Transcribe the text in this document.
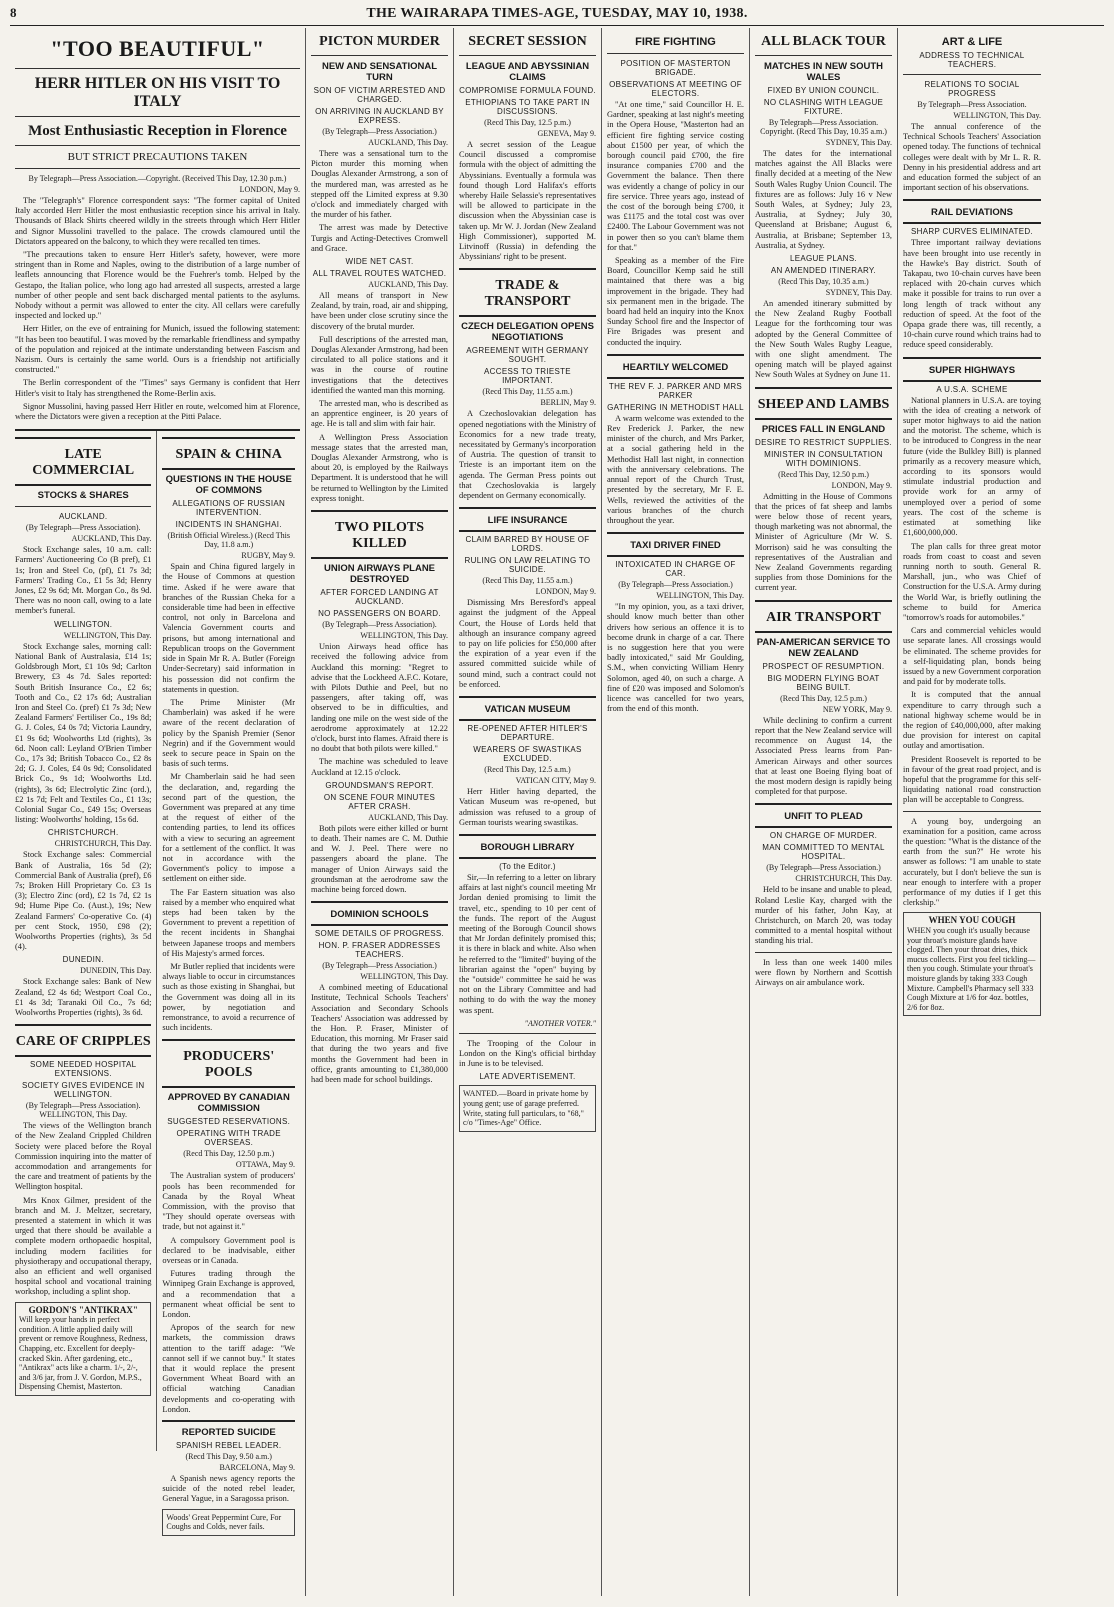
8	THE WAIRARAPA TIMES-AGE, TUESDAY, MAY 10, 1938.
"TOO BEAUTIFUL"
HERR HITLER ON HIS VISIT TO ITALY
Most Enthusiastic Reception in Florence
BUT STRICT PRECAUTIONS TAKEN
By Telegraph—Press Association.—Copyright. (Received This Day, 12.30 p.m.)
LONDON, May 9.

The "Telegraph's" Florence correspondent says: "The former capital of United Italy accorded Herr Hitler the most enthusiastic reception since his arrival in Italy. Thousands of Black Shirts cheered wildly in the streets through which Herr Hitler and Signor Mussolini travelled to the palace. The crowds clamoured until the Dictators appeared on the balcony, to which they were recalled ten times.

"The precautions taken to ensure Herr Hitler's safety, however, were more stringent than in Rome and Naples, owing to the distribution of a large number of leaflets announcing that Florence would be the Fuehrer's tomb. Helped by the Gestapo, the Italian police, who long ago had arrested all suspects, arrested a large number of other people and sent back discharged mental patients to the asylums. Nobody without a permit was allowed to enter the city. All cellars were carefully inspected and locked up."

Herr Hitler, on the eve of entraining for Munich, issued the following statement: "It has been too beautiful. I was moved by the remarkable friendliness and sympathy of the population and rejoiced at the intimate understanding between Fascism and Nazism. Ours is certainly the same world. Ours is a friendship not artificially constructed."

The Berlin correspondent of the "Times" says Germany is confident that Herr Hitler's visit to Italy has strengthened the Rome-Berlin axis.

Signor Mussolini, having passed Herr Hitler en route, welcomed him at Florence, where the Dictators were given a reception at the Pitti Palace.

LATE COMMERCIAL
STOCKS & SHARES
AUCKLAND.
(By Telegraph—Press Association).
AUCKLAND, This Day.

Stock Exchange sales, 10 a.m. call: Farmers' Auctioneering Co (B pref), £1 1s; Iron and Steel Co, (pf), £1 7s 3d; Farmers' Trading Co., £1 5s 3d; Henry Jones, £2 9s 6d; Mt. Morgan Co., 8s 9d. There was no noon call, owing to a late member's funeral.

WELLINGTON.
WELLINGTON, This Day.

Stock Exchange sales, morning call: National Bank of Australasia, £14 1s; Goldsbrough Mort, £1 10s 9d; Carlton Brewery, £3 4s 7d. Sales reported: South British Insurance Co., £2 6s; Tooth and Co., £2 17s 6d; Australian Iron and Steel Co. (pref) £1 7s 3d; New Zealand Farmers' Fertiliser Co., 19s 8d; G. J. Coles, £4 0s 7d; Victoria Laundry, £1 9s 6d; Woolworths Ltd (rights), 3s 6d. Noon call: Leyland O'Brien Timber Co., 17s 3d; British Tobacco Co., £2 8s 2d; G. J. Coles, £4 0s 9d; Consolidated Brick Co., 9s 1d; Woolworths Ltd. (rights), 3s 6d; Electrolytic Zinc (ord.), £2 1s 7d; Felt and Textiles Co., £1 13s; Colonial Sugar Co., £49 15s; Overseas listing: Woolworths' holding, 15s 6d.

CHRISTCHURCH.
CHRISTCHURCH, This Day.

Stock Exchange sales: Commercial Bank of Australia, 16s 5d (2); Commercial Bank of Australia (pref), £6 7s; Broken Hill Proprietary Co. £3 1s (3); Electro Zinc (ord), £2 1s 7d, £2 1s 9d; Hume Pipe Co. (Aust.), 19s; New Zealand Farmers' Co-operative Co. (4) per cent Stock, 1950, £98 (2); Woolworths Properties (rights), 3s 5d (4).

DUNEDIN.
DUNEDIN, This Day.

Stock Exchange sales: Bank of New Zealand, £2 4s 6d; Westport Coal Co., £1 4s 3d; Taranaki Oil Co., 7s 6d; Woolworths Properties (rights), 3s 6d.

CARE OF CRIPPLES
SOME NEEDED HOSPITAL EXTENSIONS.
SOCIETY GIVES EVIDENCE IN WELLINGTON.
(By Telegraph—Press Association). WELLINGTON, This Day.

The views of the Wellington branch of the New Zealand Crippled Children Society were placed before the Royal Commission inquiring into the matter of accommodation and arrangements for the care and treatment of patients by the Wellington hospital.

Mrs Knox Gilmer, president of the branch and M. J. Meltzer, secretary, presented a statement in which it was urged that there should be available a complete modern orthopaedic hospital, including modern facilities for physiotherapy and occupational therapy, also an efficient and well organised hospital school and vocational training workshop, including a splint shop.

GORDON'S "ANTIKRAX"
Will keep your hands in perfect condition. A little applied daily will prevent or remove Roughness, Redness, Chapping, etc. Excellent for deeply-cracked Skin. After gardening, etc., "Antikrax" acts like a charm. 1/-, 2/-, and 3/6 jar, from J. V. Gordon, M.P.S., Dispensing Chemist, Masterton.
SPAIN & CHINA
QUESTIONS IN THE HOUSE OF COMMONS
ALLEGATIONS OF RUSSIAN INTERVENTION.
INCIDENTS IN SHANGHAI.
(British Official Wireless.) (Recd This Day, 11.8 a.m.)
RUGBY, May 9.

Spain and China figured largely in the House of Commons at question time. Asked if he were aware that branches of the Russian Cheka for a considerable time had been in effective control, not only in Barcelona and Valencia Government courts and prisons, but among international and Republican troops on the Government side in Spain Mr R. A. Butler (Foreign Under-Secretary) said information in his possession did not confirm the statements in question.

The Prime Minister (Mr Chamberlain) was asked if he were aware of the recent declaration of policy by the Spanish Premier (Senor Negrin) and if the Government would seek to secure peace in Spain on the basis of such terms.

Mr Chamberlain said he had seen the declaration, and, regarding the second part of the question, the Government was prepared at any time at the request of either of the contending parties, to lend its offices with a view to securing an agreement for a settlement of the conflict. It was not in accordance with the Government's policy to impose a settlement on either side.

The Far Eastern situation was also raised by a member who enquired what steps had been taken by the Government to prevent a repetition of the recent incidents in Shanghai between Japanese troops and members of His Majesty's armed forces.

Mr Butler replied that incidents were always liable to occur in circumstances such as those existing in Shanghai, but the Government was doing all in its power, by negotiation and remonstrance, to avoid a recurrence of such incidents.

PRODUCERS' POOLS
APPROVED BY CANADIAN COMMISSION
SUGGESTED RESERVATIONS.
OPERATING WITH TRADE OVERSEAS.
(Recd This Day, 12.50 p.m.)
OTTAWA, May 9.

The Australian system of producers' pools has been recommended for Canada by the Royal Wheat Commission, with the proviso that "They should operate overseas with trade, but not against it."

A compulsory Government pool is declared to be inadvisable, either overseas or in Canada.

Futures trading through the Winnipeg Grain Exchange is approved, and a recommendation that a permanent wheat official be sent to London.

Apropos of the search for new markets, the commission draws attention to the tariff adage: "We cannot sell if we cannot buy." It states that it would replace the present Government Wheat Board with an official watching Canadian developments and co-operating with London.

REPORTED SUICIDE
SPANISH REBEL LEADER.
(Recd This Day, 9.50 a.m.)
BARCELONA, May 9.

A Spanish news agency reports the suicide of the noted rebel leader, General Yague, in a Saragossa prison.

Woods' Great Peppermint Cure, For Coughs and Colds, never fails.
PICTON MURDER
NEW AND SENSATIONAL TURN
SON OF VICTIM ARRESTED AND CHARGED.
ON ARRIVING IN AUCKLAND BY EXPRESS.
(By Telegraph—Press Association.)
AUCKLAND, This Day.

There was a sensational turn to the Picton murder this morning when Douglas Alexander Armstrong, a son of the murdered man, was arrested as he stepped off the Limited express at 9.30 o'clock and immediately charged with the murder of his father.

The arrest was made by Detective Turgis and Acting-Detectives Cromwell and Grace.

WIDE NET CAST.
ALL TRAVEL ROUTES WATCHED.
AUCKLAND, This Day.

All means of transport in New Zealand, by train, road, air and shipping, have been under close scrutiny since the discovery of the brutal murder.

Full descriptions of the arrested man, Douglas Alexander Armstrong, had been circulated to all police stations and it was in the course of routine investigations that the detectives identified the wanted man this morning.

The arrested man, who is described as an apprentice engineer, is 20 years of age. He is tall and slim with fair hair.

A Wellington Press Association message states that the arrested man, Douglas Alexander Armstrong, who is about 20, is employed by the Railways Department. It is understood that he will be returned to Wellington by the Limited express tonight.

TWO PILOTS KILLED
UNION AIRWAYS PLANE DESTROYED
AFTER FORCED LANDING AT AUCKLAND.
NO PASSENGERS ON BOARD.
(By Telegraph—Press Association).
WELLINGTON, This Day.

Union Airways head office has received the following advice from Auckland this morning: "Regret to advise that the Lockheed A.F.C. Kotare, with Pilots Duthie and Peel, but no passengers, after taking off, was observed to be in difficulties, and landing one mile on the west side of the aerodrome approximately at 12.22 o'clock, burst into flames. Afraid there is no doubt that both pilots were killed."

The machine was scheduled to leave Auckland at 12.15 o'clock.

GROUNDSMAN'S REPORT.
ON SCENE FOUR MINUTES AFTER CRASH.
AUCKLAND, This Day.

Both pilots were either killed or burnt to death. Their names are C. M. Duthie and W. J. Peel. There were no passengers aboard the plane. The manager of Union Airways said the groundsman at the aerodrome saw the machine being forced down.

DOMINION SCHOOLS
SOME DETAILS OF PROGRESS.
HON. P. FRASER ADDRESSES TEACHERS.
(By Telegraph—Press Association.)
WELLINGTON, This Day.

A combined meeting of Educational Institute, Technical Schools Teachers' Association and Secondary Schools Teachers' Association was addressed by the Hon. P. Fraser, Minister of Education, this morning. Mr Fraser said that during the two years and five months the Government had been in office, grants amounting to £1,380,000 had been made for school buildings.

SECRET SESSION
LEAGUE AND ABYSSINIAN CLAIMS
COMPROMISE FORMULA FOUND.
ETHIOPIANS TO TAKE PART IN DISCUSSIONS.
(Recd This Day, 12.5 p.m.)
GENEVA, May 9.

A secret session of the League Council discussed a compromise formula with the object of admitting the Abyssinians. Eventually a formula was found though Lord Halifax's efforts whereby Haile Selassie's representatives will be allowed to participate in the discussion when the Abyssinian case is taken up. Mr W. J. Jordan (New Zealand High Commissioner), supported M. Litvinoff (Russia) in defending the Abyssinians' right to be present.

TRADE & TRANSPORT
CZECH DELEGATION OPENS NEGOTIATIONS
AGREEMENT WITH GERMANY SOUGHT.
ACCESS TO TRIESTE IMPORTANT.
(Recd This Day, 11.55 a.m.)
BERLIN, May 9.

A Czechoslovakian delegation has opened negotiations with the Ministry of Economics for a new trade treaty, necessitated by Germany's incorporation of Austria. The question of transit to Trieste is an important item on the agenda. The German Press points out that Czechoslovakia is largely dependent on Germany economically.

LIFE INSURANCE
CLAIM BARRED BY HOUSE OF LORDS.
RULING ON LAW RELATING TO SUICIDE.
(Recd This Day, 11.55 a.m.)
LONDON, May 9.

Dismissing Mrs Beresford's appeal against the judgment of the Appeal Court, the House of Lords held that although an insurance company agreed to pay on life policies for £50,000 after the expiration of a year even if the assured committed suicide while of sound mind, such a contract could not be enforced.

VATICAN MUSEUM
RE-OPENED AFTER HITLER'S DEPARTURE.
WEARERS OF SWASTIKAS EXCLUDED.
(Recd This Day, 12.5 a.m.)
VATICAN CITY, May 9.

Herr Hitler having departed, the Vatican Museum was re-opened, but admission was refused to a group of German tourists wearing swastikas.

BOROUGH LIBRARY
(To the Editor.)

Sir,—In referring to a letter on library affairs at last night's council meeting Mr Jordan denied promising to limit the travel, etc., spending to 10 per cent of the funds. The report of the August meeting of the Borough Council shows that Mr Jordan definitely promised this; it is there in black and white. Also when he referred to the "limited" buying of the librarian against the "open" buying by the "outside" committee he said he was not on the Library Committee and had nothing to do with the way the money was spent.

"ANOTHER VOTER."

The Trooping of the Colour in London on the King's official birthday in June is to be televised.

LATE ADVERTISEMENT.
WANTED.—Board in private home by young gent; use of garage preferred. Write, stating full particulars, to "68," c/o "Times-Age" Office.
FIRE FIGHTING
POSITION OF MASTERTON BRIGADE.
OBSERVATIONS AT MEETING OF ELECTORS.

"At one time," said Councillor H. E. Gardner, speaking at last night's meeting in the Opera House, "Masterton had an efficient fire fighting service costing about £1500 per year, of which the borough council paid £700, the fire insurance companies £700 and the Government the balance. Then there was evidently a change of policy in our fire service. Three years ago, instead of the cost of the borough being £700, it was £1175 and the total cost was over £2400. The Labour Government was not in power then so you can't blame them for that."

Speaking as a member of the Fire Board, Councillor Kemp said he still maintained that there was a big improvement in the brigade. They had six permanent men in the brigade. The board had held an inquiry into the Knox Sunday School fire and the Inspector of Fire Brigades was present and conducted the inquiry.

HEARTILY WELCOMED
THE REV F. J. PARKER AND MRS PARKER
GATHERING IN METHODIST HALL

A warm welcome was extended to the Rev Frederick J. Parker, the new minister of the church, and Mrs Parker, at a social gathering held in the Methodist Hall last night, in connection with the anniversary celebrations. The annual report of the Church Trust, presented by the secretary, Mr F. E. Wells, reviewed the activities of the various branches of the church throughout the year.

TAXI DRIVER FINED
INTOXICATED IN CHARGE OF CAR.
(By Telegraph—Press Association.)
WELLINGTON, This Day.

"In my opinion, you, as a taxi driver, should know much better than other drivers how serious an offence it is to become drunk in charge of a car. There is no suggestion here that you were badly intoxicated," said Mr Goulding, S.M., when convicting William Henry Solomon, aged 40, on such a charge. A fine of £20 was imposed and Solomon's licence was cancelled for two years, from the end of this month.

ALL BLACK TOUR
MATCHES IN NEW SOUTH WALES
FIXED BY UNION COUNCIL.
NO CLASHING WITH LEAGUE FIXTURE.
By Telegraph—Press Association. Copyright. (Recd This Day, 10.35 a.m.)
SYDNEY, This Day.

The dates for the international matches against the All Blacks were finally decided at a meeting of the New South Wales Rugby Union Council. The fixtures are as follows: July 16 v New South Wales, at Sydney; July 23, Australia, at Sydney; July 30, Queensland at Brisbane; August 6, Australia, at Brisbane; September 13, Australia, at Sydney.

LEAGUE PLANS.
AN AMENDED ITINERARY.
(Recd This Day, 10.35 a.m.)
SYDNEY, This Day.

An amended itinerary submitted by the New Zealand Rugby Football League for the forthcoming tour was adopted by the General Committee of the New South Wales Rugby League, with one slight amendment. The opening match will be played against New South Wales at Sydney on June 11.

SHEEP AND LAMBS
PRICES FALL IN ENGLAND
DESIRE TO RESTRICT SUPPLIES.
MINISTER IN CONSULTATION WITH DOMINIONS.
(Recd This Day, 12.50 p.m.)
LONDON, May 9.

Admitting in the House of Commons that the prices of fat sheep and lambs were below those of recent years, though marketing was not abnormal, the Minister of Agriculture (Mr W. S. Morrison) said he was consulting the representatives of the Australian and New Zealand Governments regarding supplies from those Dominions for the current year.

AIR TRANSPORT
PAN-AMERICAN SERVICE TO NEW ZEALAND
PROSPECT OF RESUMPTION.
BIG MODERN FLYING BOAT BEING BUILT.
(Recd This Day, 12.5 p.m.)
NEW YORK, May 9.

While declining to confirm a current report that the New Zealand service will recommence on August 14, the Associated Press learns from Pan-American Airways and other sources that at least one Boeing flying boat of the most modern design is rapidly being completed for that purpose.

UNFIT TO PLEAD
ON CHARGE OF MURDER.
MAN COMMITTED TO MENTAL HOSPITAL.
(By Telegraph—Press Association.)
CHRISTCHURCH, This Day.

Held to be insane and unable to plead, Roland Leslie Kay, charged with the murder of his father, John Kay, at Christchurch, on March 20, was today committed to a mental hospital without standing his trial.

In less than one week 1400 miles were flown by Northern and Scottish Airways on air ambulance work.

ART & LIFE
ADDRESS TO TECHNICAL TEACHERS.
RELATIONS TO SOCIAL PROGRESS
By Telegraph—Press Association.
WELLINGTON, This Day.

The annual conference of the Technical Schools Teachers' Association opened today. The functions of technical colleges were dealt with by Mr L. R. R. Denny in his presidential address and art and education formed the subject of an important section of his observations.

RAIL DEVIATIONS
SHARP CURVES ELIMINATED.

Three important railway deviations have been brought into use recently in the Hawke's Bay district. South of Takapau, two 10-chain curves have been replaced with 20-chain curves which make it possible for trains to run over a long length of track without any reduction of speed. At the foot of the Opapa grade there was, till recently, a 10-chain curve round which trains had to reduce speed considerably.

SUPER HIGHWAYS
A U.S.A. SCHEME

National planners in U.S.A. are toying with the idea of creating a network of super motor highways to aid the nation and the motorist. The scheme, which is to be introduced to Congress in the near future (vide the Bulkley Bill) is planned primarily as a recovery measure which, according to its sponsors would stimulate industrial production and provide work for an army of unemployed over a period of some years. The cost of the scheme is estimated at something like £1,600,000,000.

The plan calls for three great motor roads from coast to coast and seven running north to south. General R. Marshall, jun., who was Chief of Construction for the U.S.A. Army during the World War, is briefly outlining the scheme to build for America "tomorrow's roads for automobiles."

Cars and commercial vehicles would use separate lanes. All crossings would be eliminated. The scheme provides for a self-liquidating plan, bonds being issued by a new Government corporation and paid for by moderate tolls.

It is computed that the annual expenditure to carry through such a national highway scheme would be in the region of £40,000,000, after making due provision for interest on capital outlay and amortisation.

President Roosevelt is reported to be in favour of the great road project, and is hopeful that the programme for this self-liquidating national road construction plan will be acceptable to Congress.

A young boy, undergoing an examination for a position, came across the question: "What is the distance of the earth from the sun?" He wrote his answer as follows: "I am unable to state accurately, but I don't believe the sun is near enough to interfere with a proper performance of my duties if I get this clerkship."

WHEN YOU COUGH
WHEN you cough it's usually because your throat's moisture glands have clogged. Then your throat dries, thick mucus collects. First you feel tickling—then you cough. Stimulate your throat's moisture glands by taking 333 Cough Mixture. Campbell's Pharmacy sell 333 Cough Mixture at 1/6 for 4oz. bottles, 2/6 for 8oz.
